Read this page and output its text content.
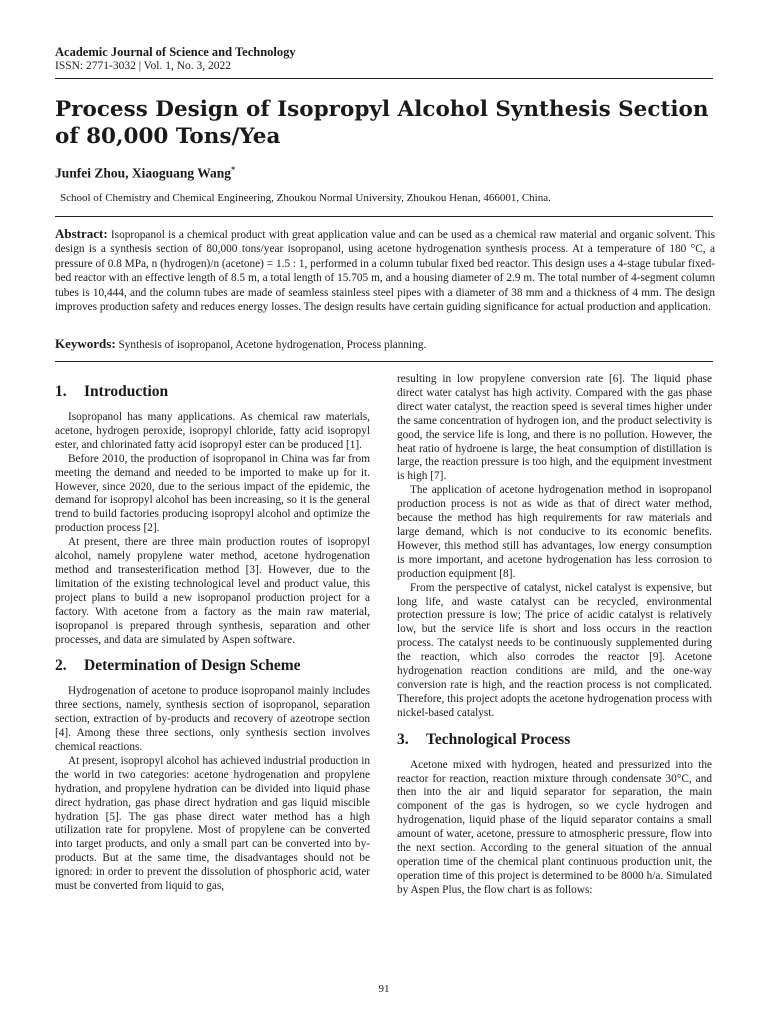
Academic Journal of Science and Technology
ISSN: 2771-3032 | Vol. 1, No. 3, 2022
Process Design of Isopropyl Alcohol Synthesis Section of 80,000 Tons/Yea
Junfei Zhou, Xiaoguang Wang*
School of Chemistry and Chemical Engineering, Zhoukou Normal University, Zhoukou Henan, 466001, China.
Abstract: Isopropanol is a chemical product with great application value and can be used as a chemical raw material and organic solvent. This design is a synthesis section of 80,000 tons/year isopropanol, using acetone hydrogenation synthesis process. At a temperature of 180 °C, a pressure of 0.8 MPa, n (hydrogen)/n (acetone) = 1.5 : 1, performed in a column tubular fixed bed reactor. This design uses a 4-stage tubular fixed-bed reactor with an effective length of 8.5 m, a total length of 15.705 m, and a housing diameter of 2.9 m. The total number of 4-segment column tubes is 10,444, and the column tubes are made of seamless stainless steel pipes with a diameter of 38 mm and a thickness of 4 mm. The design improves production safety and reduces energy losses. The design results have certain guiding significance for actual production and application.
Keywords: Synthesis of isopropanol, Acetone hydrogenation, Process planning.
1. Introduction

Isopropanol has many applications. As chemical raw materials, acetone, hydrogen peroxide, isopropyl chloride, fatty acid isopropyl ester, and chlorinated fatty acid isopropyl ester can be produced [1].

Before 2010, the production of isopropanol in China was far from meeting the demand and needed to be imported to make up for it. However, since 2020, due to the serious impact of the epidemic, the demand for isopropyl alcohol has been increasing, so it is the general trend to build factories producing isopropyl alcohol and optimize the production process [2].

At present, there are three main production routes of isopropyl alcohol, namely propylene water method, acetone hydrogenation method and transesterification method [3]. However, due to the limitation of the existing technological level and product value, this project plans to build a new isopropanol production project for a factory. With acetone from a factory as the main raw material, isopropanol is prepared through synthesis, separation and other processes, and data are simulated by Aspen software.

2. Determination of Design Scheme

Hydrogenation of acetone to produce isopropanol mainly includes three sections, namely, synthesis section of isopropanol, separation section, extraction of by-products and recovery of azeotrope section [4]. Among these three sections, only synthesis section involves chemical reactions.

At present, isopropyl alcohol has achieved industrial production in the world in two categories: acetone hydrogenation and propylene hydration, and propylene hydration can be divided into liquid phase direct hydration, gas phase direct hydration and gas liquid miscible hydration [5]. The gas phase direct water method has a high utilization rate for propylene. Most of propylene can be converted into target products, and only a small part can be converted into by-products. But at the same time, the disadvantages should not be ignored: in order to prevent the dissolution of phosphoric acid, water must be converted from liquid to gas,

resulting in low propylene conversion rate [6]. The liquid phase direct water catalyst has high activity. Compared with the gas phase direct water catalyst, the reaction speed is several times higher under the same concentration of hydrogen ion, and the product selectivity is good, the service life is long, and there is no pollution. However, the heat ratio of hydroene is large, the heat consumption of distillation is large, the reaction pressure is too high, and the equipment investment is high [7].

The application of acetone hydrogenation method in isopropanol production process is not as wide as that of direct water method, because the method has high requirements for raw materials and large demand, which is not conducive to its economic benefits. However, this method still has advantages, low energy consumption is more important, and acetone hydrogenation has less corrosion to production equipment [8].

From the perspective of catalyst, nickel catalyst is expensive, but long life, and waste catalyst can be recycled, environmental protection pressure is low; The price of acidic catalyst is relatively low, but the service life is short and loss occurs in the reaction process. The catalyst needs to be continuously supplemented during the reaction, which also corrodes the reactor [9]. Acetone hydrogenation reaction conditions are mild, and the one-way conversion rate is high, and the reaction process is not complicated. Therefore, this project adopts the acetone hydrogenation process with nickel-based catalyst.

3. Technological Process

Acetone mixed with hydrogen, heated and pressurized into the reactor for reaction, reaction mixture through condensate 30°C, and then into the air and liquid separator for separation, the main component of the gas is hydrogen, so we cycle hydrogen and hydrogenation, liquid phase of the liquid separator contains a small amount of water, acetone, pressure to atmospheric pressure, flow into the next section. According to the general situation of the annual operation time of the chemical plant continuous production unit, the operation time of this project is determined to be 8000 h/a. Simulated by Aspen Plus, the flow chart is as follows:

91
